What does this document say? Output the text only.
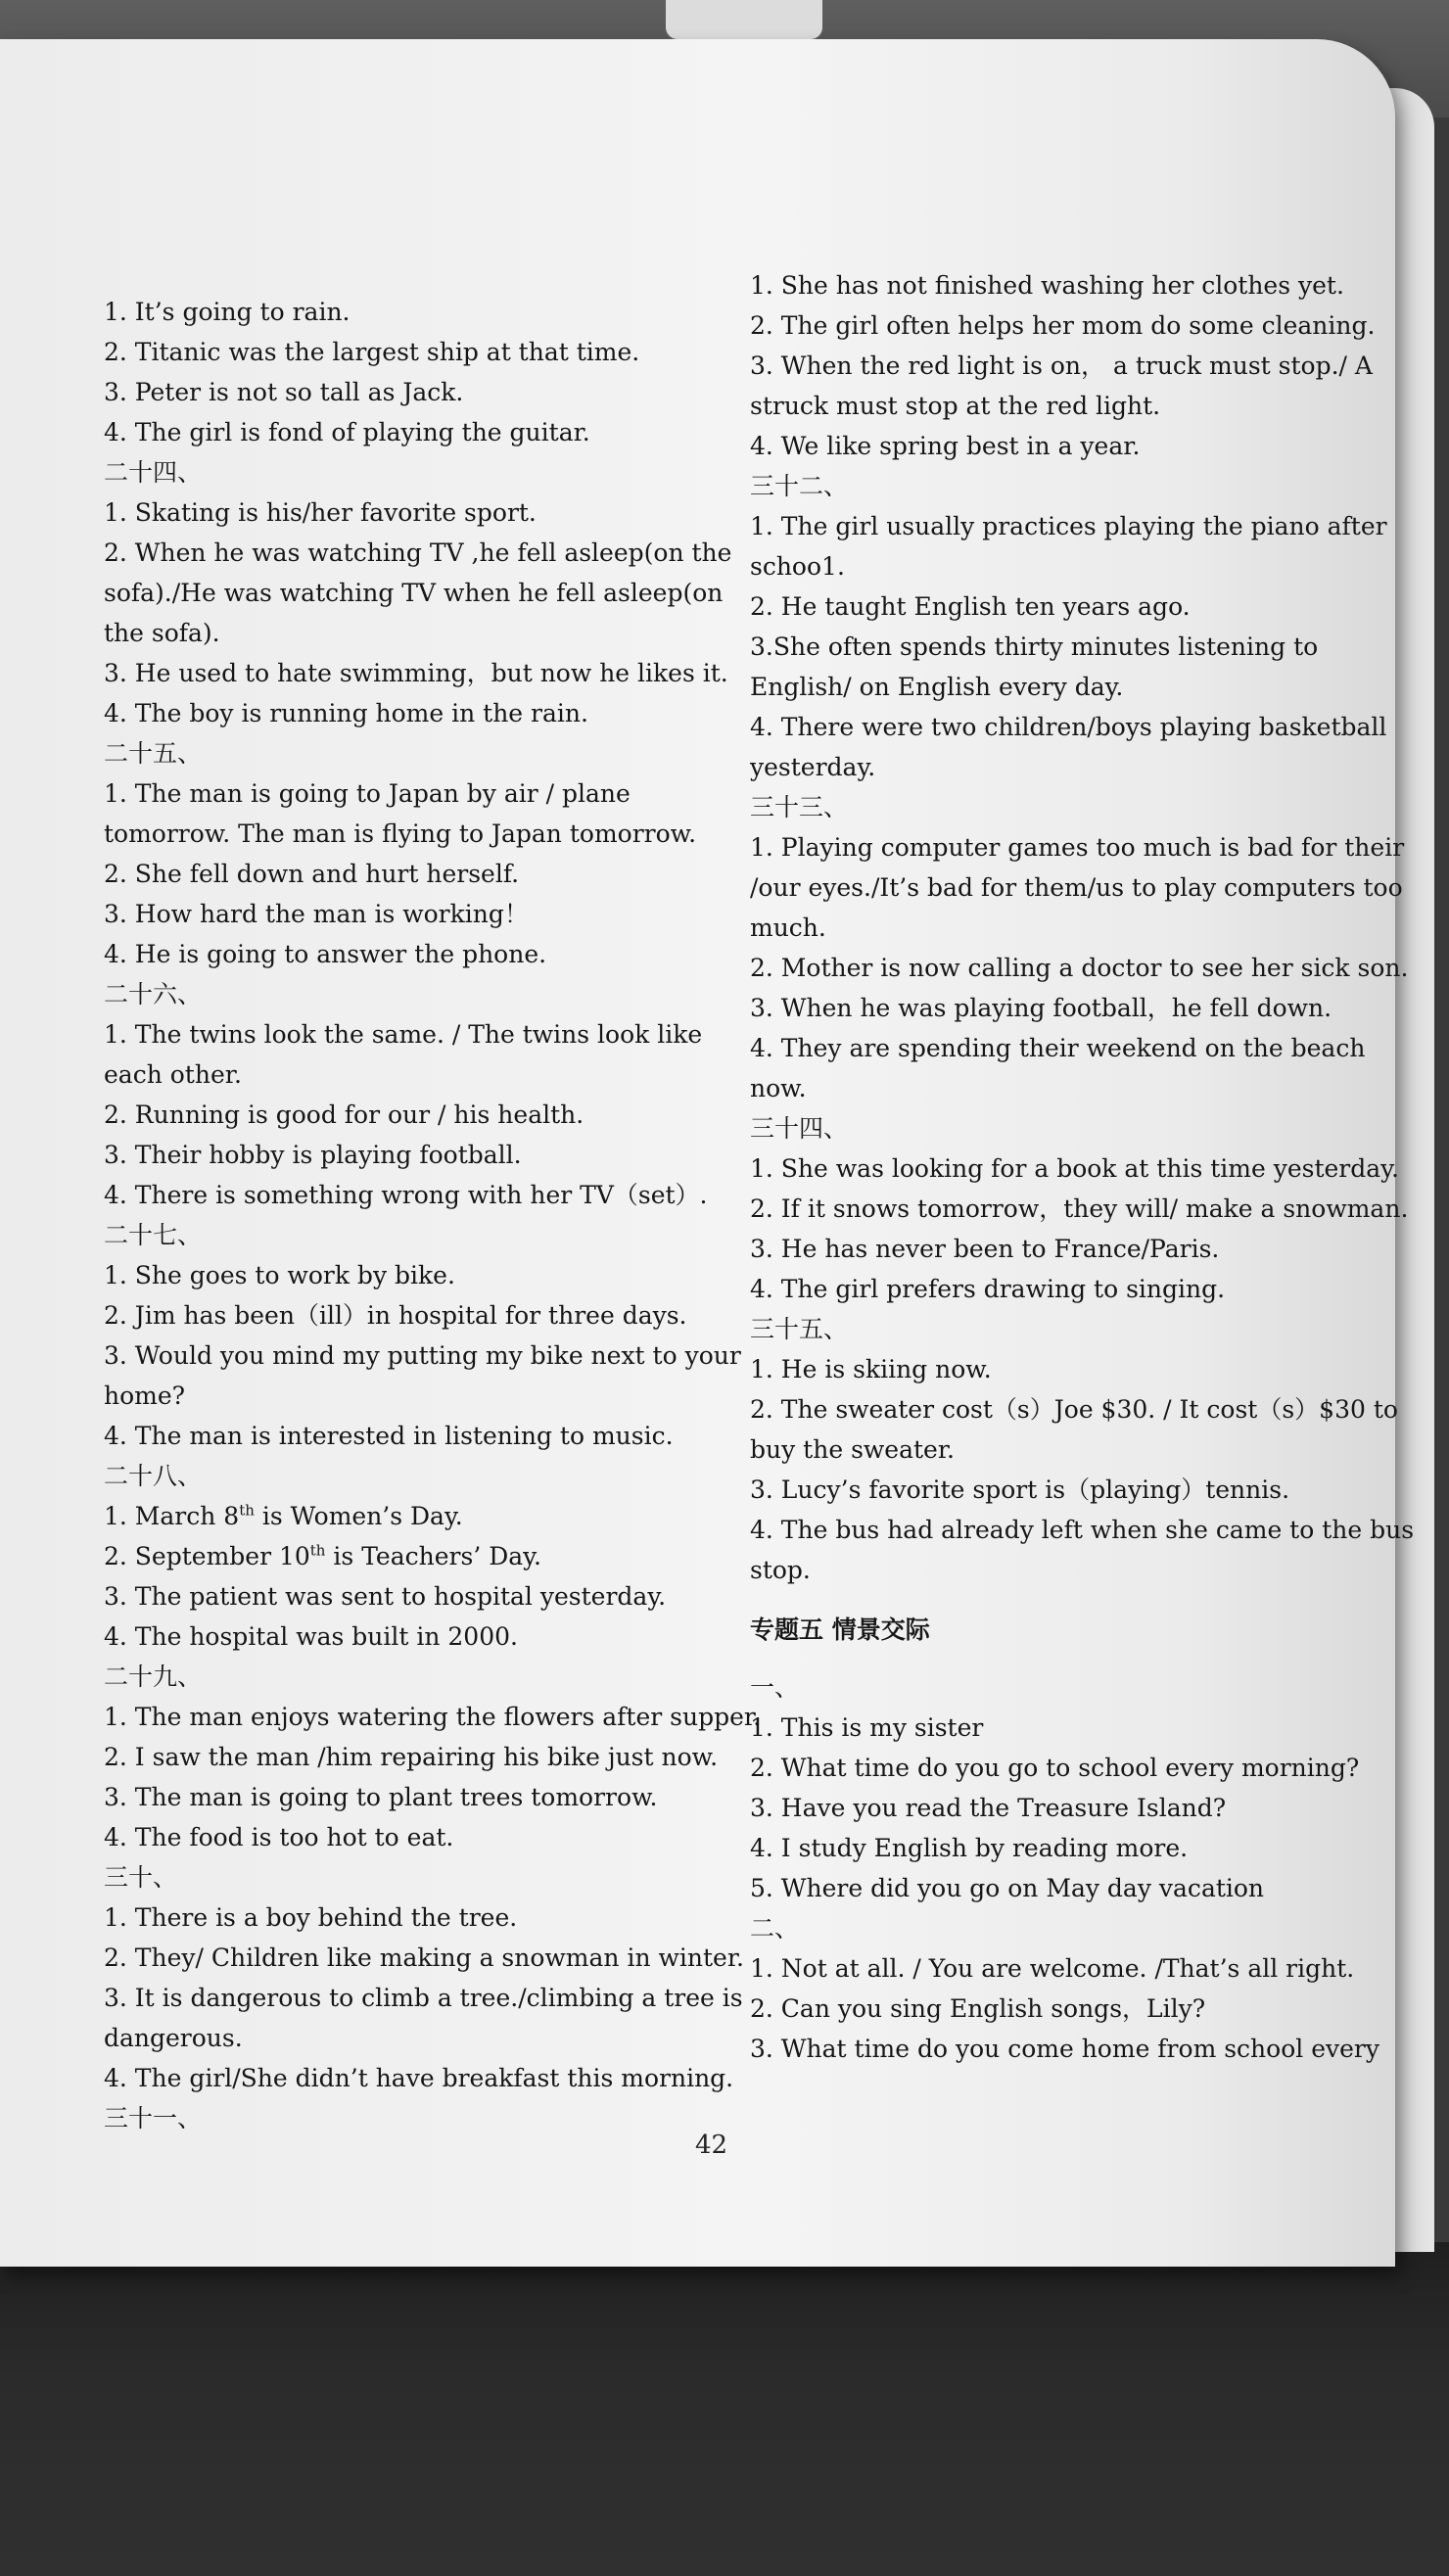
1. It’s going to rain.
2. Titanic was the largest ship at that time.
3. Peter is not so tall as Jack.
4. The girl is fond of playing the guitar.
二十四、
1. Skating is his/her favorite sport.
2. When he was watching TV ,he fell asleep(on the
sofa)./He was watching TV when he fell asleep(on
the sofa).
3. He used to hate swimming，but now he likes it.
4. The boy is running home in the rain.
二十五、
1. The man is going to Japan by air / plane
tomorrow. The man is flying to Japan tomorrow.
2. She fell down and hurt herself.
3. How hard the man is working！
4. He is going to answer the phone.
二十六、
1. The twins look the same. / The twins look like
each other.
2. Running is good for our / his health.
3. Their hobby is playing football.
4. There is something wrong with her TV（set）.
二十七、
1. She goes to work by bike.
2. Jim has been（ill）in hospital for three days.
3. Would you mind my putting my bike next to your
home?
4. The man is interested in listening to music.
二十八、
1. March 8th is Women’s Day.
2. September 10th is Teachers’ Day.
3. The patient was sent to hospital yesterday.
4. The hospital was built in 2000.
二十九、
1. The man enjoys watering the flowers after supper.
2. I saw the man /him repairing his bike just now.
3. The man is going to plant trees tomorrow.
4. The food is too hot to eat.
三十、
1. There is a boy behind the tree.
2. They/ Children like making a snowman in winter.
3. It is dangerous to climb a tree./climbing a tree is
dangerous.
4. The girl/She didn’t have breakfast this morning.
三十一、
1. She has not finished washing her clothes yet.
2. The girl often helps her mom do some cleaning.
3. When the red light is on， a truck must stop./ A
struck must stop at the red light.
4. We like spring best in a year.
三十二、
1. The girl usually practices playing the piano after
schoo1.
2. He taught English ten years ago.
3.She often spends thirty minutes listening to
English/ on English every day.
4. There were two children/boys playing basketball
yesterday.
三十三、
1. Playing computer games too much is bad for their
/our eyes./It’s bad for them/us to play computers too
much.
2. Mother is now calling a doctor to see her sick son.
3. When he was playing football，he fell down.
4. They are spending their weekend on the beach
now.
三十四、
1. She was looking for a book at this time yesterday.
2. If it snows tomorrow，they will/ make a snowman.
3. He has never been to France/Paris.
4. The girl prefers drawing to singing.
三十五、
1. He is skiing now.
2. The sweater cost（s）Joe $30. / It cost（s）$30 to
buy the sweater.
3. Lucy’s favorite sport is（playing）tennis.
4. The bus had already left when she came to the bus
stop.
专题五 情景交际
一、
1. This is my sister
2. What time do you go to school every morning?
3. Have you read the Treasure Island?
4. I study English by reading more.
5. Where did you go on May day vacation
二、
1. Not at all. / You are welcome. /That’s all right.
2. Can you sing English songs，Lily?
3. What time do you come home from school every
42
